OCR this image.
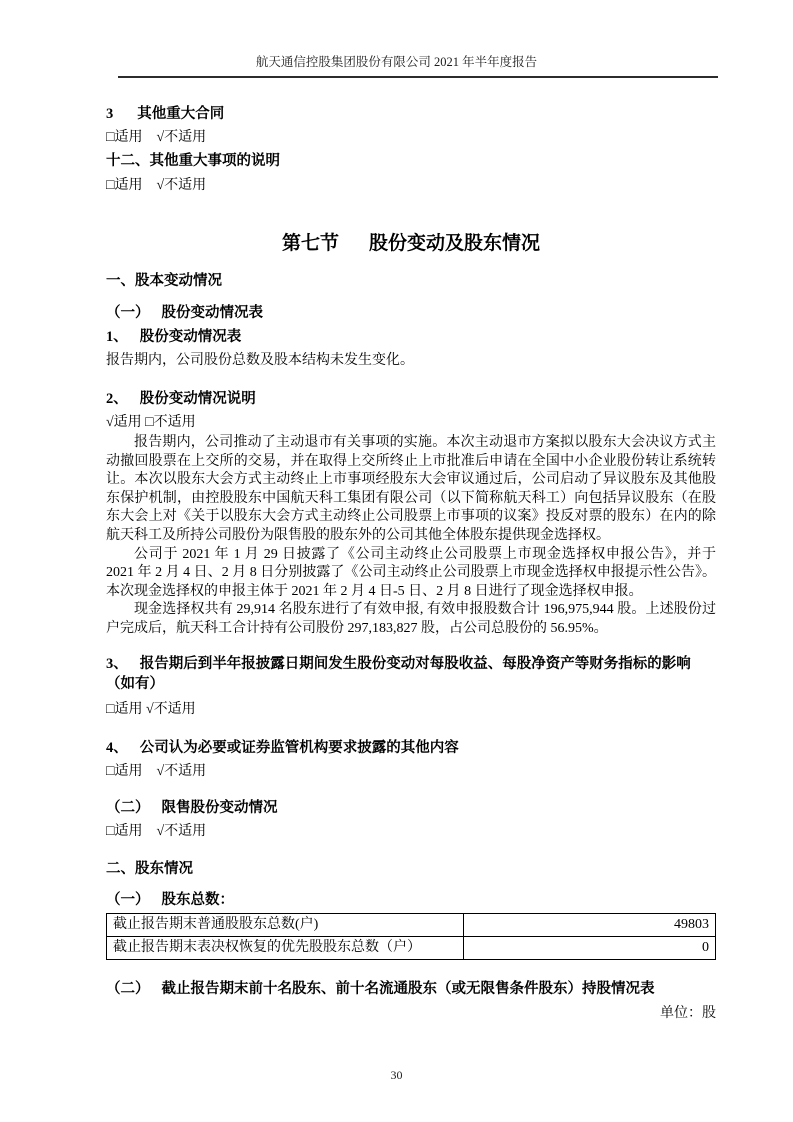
航天通信控股集团股份有限公司 2021 年半年度报告

3 其他重大合同

□适用　√不适用

十二、其他重大事项的说明

□适用　√不适用

第七节 股份变动及股东情况

一、股本变动情况

（一） 股份变动情况表

1、 股份变动情况表

报告期内，公司股份总数及股本结构未发生变化。

2、 股份变动情况说明

√适用 □不适用

报告期内，公司推动了主动退市有关事项的实施。本次主动退市方案拟以股东大会决议方式主动撤回股票在上交所的交易，并在取得上交所终止上市批准后申请在全国中小企业股份转让系统转让。本次以股东大会方式主动终止上市事项经股东大会审议通过后，公司启动了异议股东及其他股东保护机制，由控股股东中国航天科工集团有限公司（以下简称航天科工）向包括异议股东（在股东大会上对《关于以股东大会方式主动终止公司股票上市事项的议案》投反对票的股东）在内的除航天科工及所持公司股份为限售股的股东外的公司其他全体股东提供现金选择权。

公司于 2021 年 1 月 29 日披露了《公司主动终止公司股票上市现金选择权申报公告》，并于 2021 年 2 月 4 日、2 月 8 日分别披露了《公司主动终止公司股票上市现金选择权申报提示性公告》。本次现金选择权的申报主体于 2021 年 2 月 4 日-5 日、2 月 8 日进行了现金选择权申报。

现金选择权共有 29,914 名股东进行了有效申报, 有效申报股数合计 196,975,944 股。上述股份过户完成后，航天科工合计持有公司股份 297,183,827 股，占公司总股份的 56.95%。

3、 报告期后到半年报披露日期间发生股份变动对每股收益、每股净资产等财务指标的影响（如有）

□适用 √不适用

4、 公司认为必要或证券监管机构要求披露的其他内容

□适用　√不适用

（二） 限售股份变动情况

□适用　√不适用

二、股东情况

（一） 股东总数：

截止报告期末普通股股东总数(户)	49803
截止报告期末表决权恢复的优先股股东总数（户）	0

（二） 截止报告期末前十名股东、前十名流通股东（或无限售条件股东）持股情况表

单位：股

30
